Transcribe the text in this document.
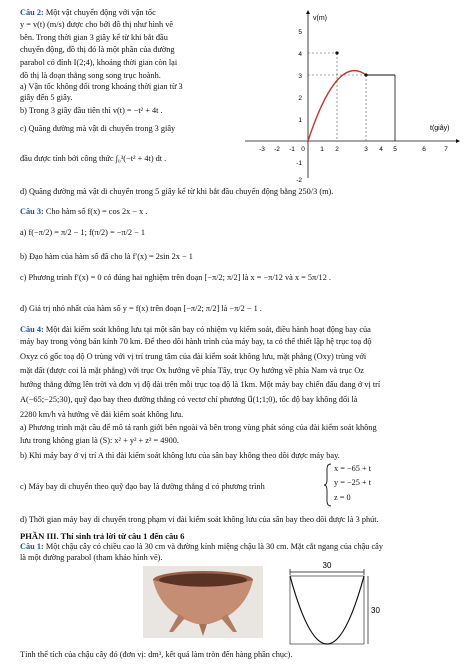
Câu 2: Một vật chuyển động với vận tốc
y = v(t) (m/s) được cho bởi đồ thị như hình vẽ
bên. Trong thời gian 3 giây kể từ khi bắt đầu
chuyển động, đồ thị đó là một phần của đường
parabol có đỉnh I(2;4), khoảng thời gian còn lại
đồ thị là đoạn thẳng song song trục hoành.
a) Vận tốc không đổi trong khoảng thời gian từ 3
giây đến 5 giây.
b) Trong 3 giây đầu tiên thì v(t) = −t² + 4t .
c) Quãng đường mà vật di chuyển trong 3 giây
đầu được tính bởi công thức ∫₀³(−t² + 4t) dt .
d) Quãng đường mà vật di chuyển trong 5 giây kể từ khi bắt đầu chuyển động bằng 250/3 (m).
-3 -2 -1 0 1 2	3 4 5	6	7
5
4
3
2
1
-1
-2
v(m)
t(giây)
Câu 3: Cho hàm số f(x) = cos 2x − x .
a) f(−π/2) = π/2 − 1; f(π/2) = −π/2 − 1
b) Đạo hàm của hàm số đã cho là f′(x) = 2sin 2x − 1
c) Phương trình f′(x) = 0 có đúng hai nghiệm trên đoạn [−π/2; π/2] là x = −π/12 và x = 5π/12 .
d) Giá trị nhỏ nhất của hàm số y = f(x) trên đoạn [−π/2; π/2] là −π/2 − 1 .
Câu 4: Một đài kiểm soát không lưu tại một sân bay có nhiệm vụ kiểm soát, điều hành hoạt động bay của
máy bay trong vòng bán kính 70 km. Để theo dõi hành trình của máy bay, ta có thể thiết lập hệ trục toạ độ
Oxyz có gốc toạ độ O trùng với vị trí trung tâm của đài kiểm soát không lưu, mặt phẳng (Oxy) trùng với
mặt đất (được coi là mặt phẳng) với trục Ox hướng về phía Tây, trục Oy hướng về phía Nam và trục Oz
hướng thẳng đứng lên trời và đơn vị độ dài trên mỗi trục toạ độ là 1km. Một máy bay chiến đấu đang ở vị trí
A(−65;−25;30), quỹ đạo bay theo đường thẳng có vectơ chỉ phương u⃗(1;1;0), tốc độ bay không đổi là
2280 km/h và hướng về đài kiểm soát không lưu.
a) Phương trình mặt cầu để mô tả ranh giới bên ngoài và bên trong vùng phát sóng của đài kiểm soát không
lưu trong không gian là (S): x² + y² + z² = 4900.
b) Khi máy bay ở vị trí A thì đài kiểm soát không lưu của sân bay không theo dõi được máy bay.
c) Máy bay di chuyển theo quỹ đạo bay là đường thẳng d có phương trình
x = −65 + t
y = −25 + t
z = 0
d) Thời gian máy bay di chuyển trong phạm vi đài kiểm soát không lưu của sân bay theo dõi được là 3 phút.
PHẦN III. Thí sinh trả lời từ câu 1 đến câu 6
Câu 1: Một chậu cây có chiều cao là 30 cm và đường kính miệng chậu là 30 cm. Mặt cắt ngang của chậu cây
là một đường parabol (tham khảo hình vẽ).
30
30
Tính thể tích của chậu cây đó (đơn vị: dm³, kết quả làm tròn đến hàng phần chục).
